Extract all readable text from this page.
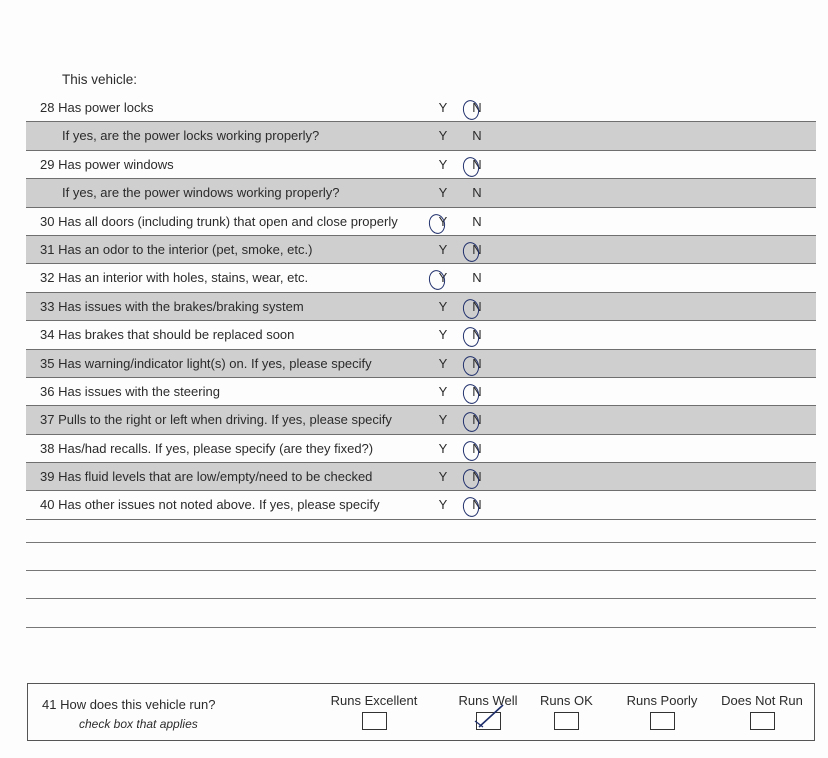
This vehicle:
28 Has power locks	Y N
If yes, are the power locks working properly?	Y N
29 Has power windows	Y N
If yes, are the power windows working properly?	Y N
30 Has all doors (including trunk) that open and close properly	Y N
31 Has an odor to the interior (pet, smoke, etc.)	Y N
32 Has an interior with holes, stains, wear, etc.	Y N
33 Has issues with the brakes/braking system	Y N
34 Has brakes that should be replaced soon	Y N
35 Has warning/indicator light(s) on. If yes, please specify	Y N
36 Has issues with the steering	Y N
37 Pulls to the right or left when driving. If yes, please specify	Y N
38 Has/had recalls. If yes, please specify (are they fixed?)	Y N
39 Has fluid levels that are low/empty/need to be checked	Y N
40 Has other issues not noted above. If yes, please specify	Y N
41 How does this vehicle run?
check box that applies
Runs Excellent	Runs Well Runs OK	Runs Poorly Does Not Run
